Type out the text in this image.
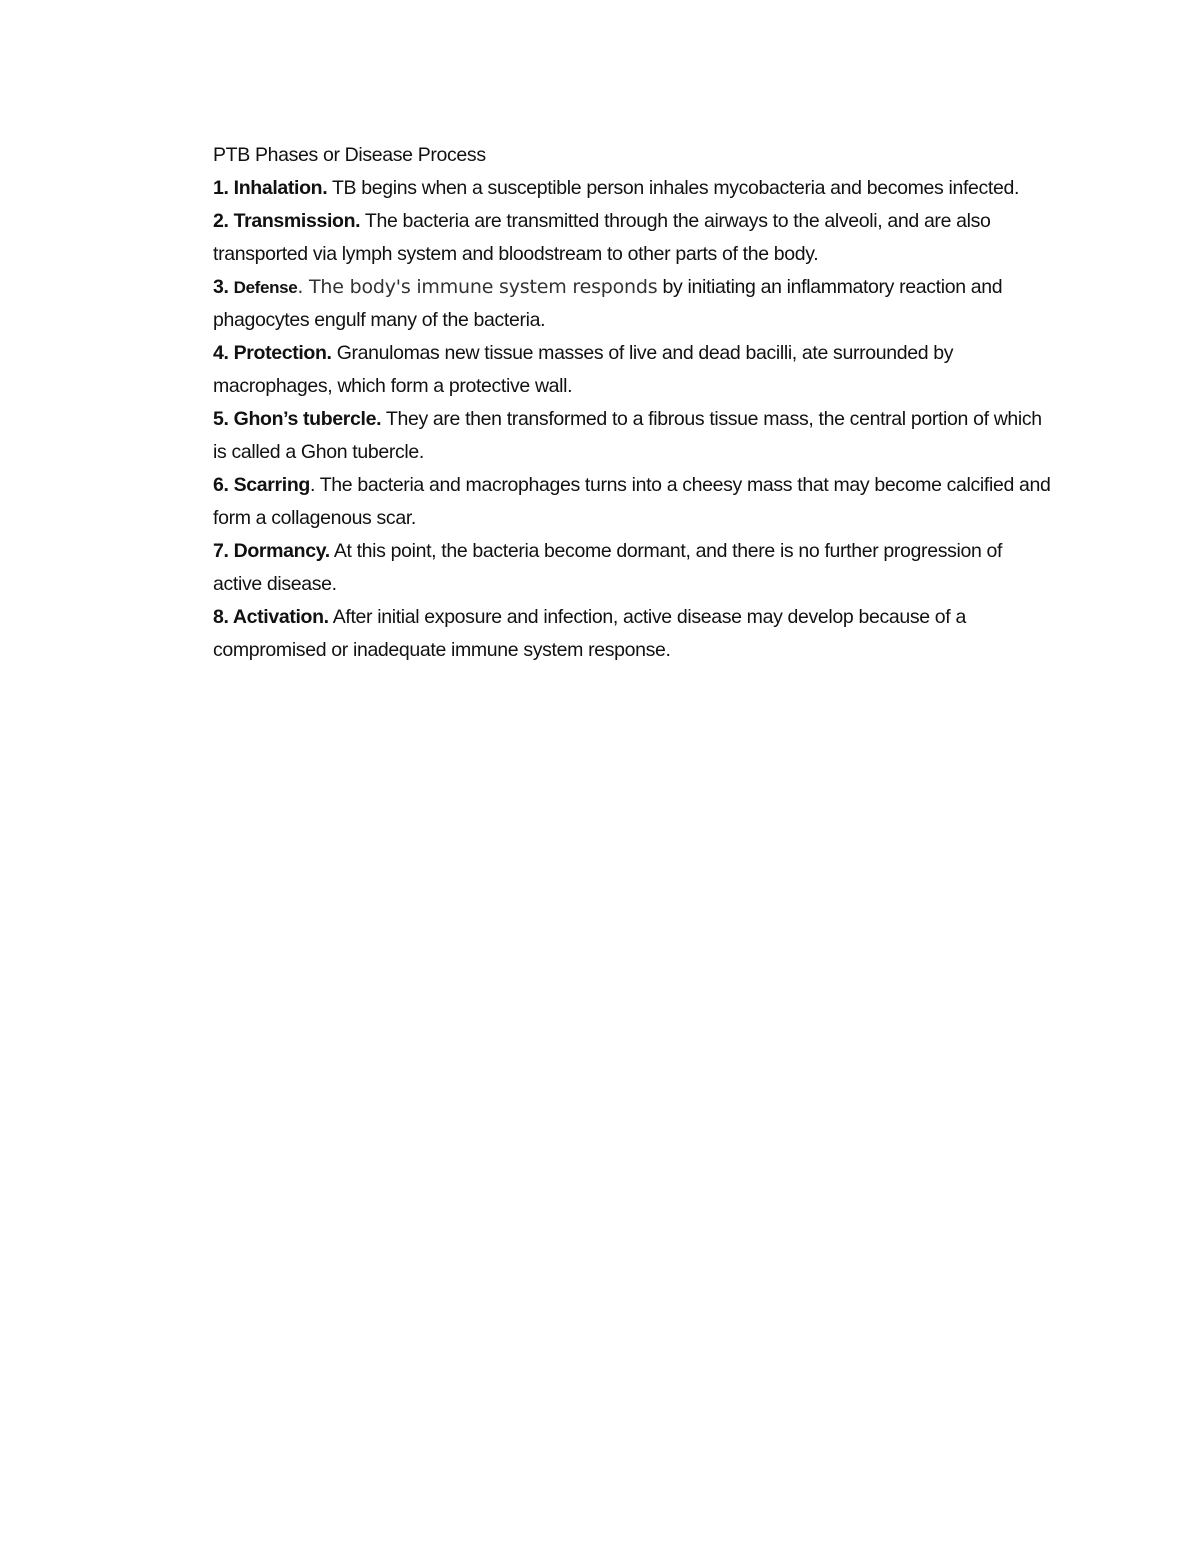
PTB Phases or Disease Process

1. Inhalation. TB begins when a susceptible person inhales mycobacteria and becomes infected.

2. Transmission. The bacteria are transmitted through the airways to the alveoli, and are also transported via lymph system and bloodstream to other parts of the body.

3. Defense. The body's immune system responds by initiating an inflammatory reaction and phagocytes engulf many of the bacteria.

4. Protection. Granulomas new tissue masses of live and dead bacilli, ate surrounded by macrophages, which form a protective wall.

5. Ghon’s tubercle. They are then transformed to a fibrous tissue mass, the central portion of which is called a Ghon tubercle.

6. Scarring. The bacteria and macrophages turns into a cheesy mass that may become calcified and form a collagenous scar.

7. Dormancy. At this point, the bacteria become dormant, and there is no further progression of active disease.

8. Activation. After initial exposure and infection, active disease may develop because of a compromised or inadequate immune system response.
